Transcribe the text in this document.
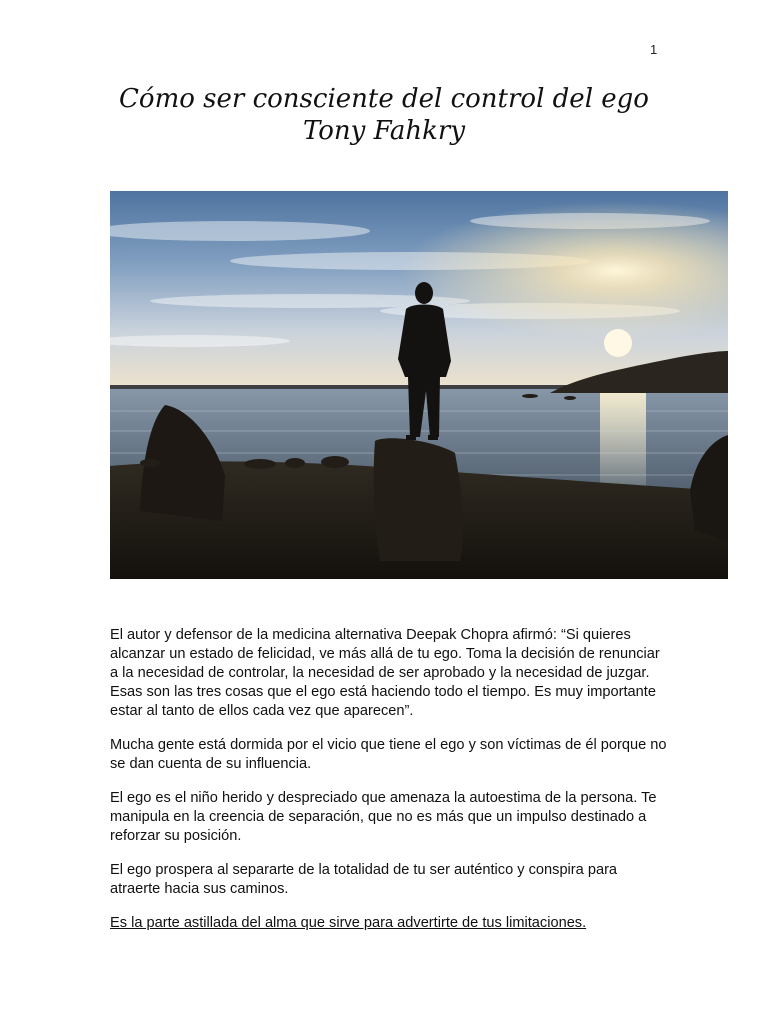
1
Cómo ser consciente del control del ego
Tony Fahkry

El autor y defensor de la medicina alternativa Deepak Chopra afirmó: “Si quieres alcanzar un estado de felicidad, ve más allá de tu ego. Toma la decisión de renunciar a la necesidad de controlar, la necesidad de ser aprobado y la necesidad de juzgar. Esas son las tres cosas que el ego está haciendo todo el tiempo. Es muy importante estar al tanto de ellos cada vez que aparecen”.

Mucha gente está dormida por el vicio que tiene el ego y son víctimas de él porque no se dan cuenta de su influencia.

El ego es el niño herido y despreciado que amenaza la autoestima de la persona. Te manipula en la creencia de separación, que no es más que un impulso destinado a reforzar su posición.

El ego prospera al separarte de la totalidad de tu ser auténtico y conspira para atraerte hacia sus caminos.

Es la parte astillada del alma que sirve para advertirte de tus limitaciones.
